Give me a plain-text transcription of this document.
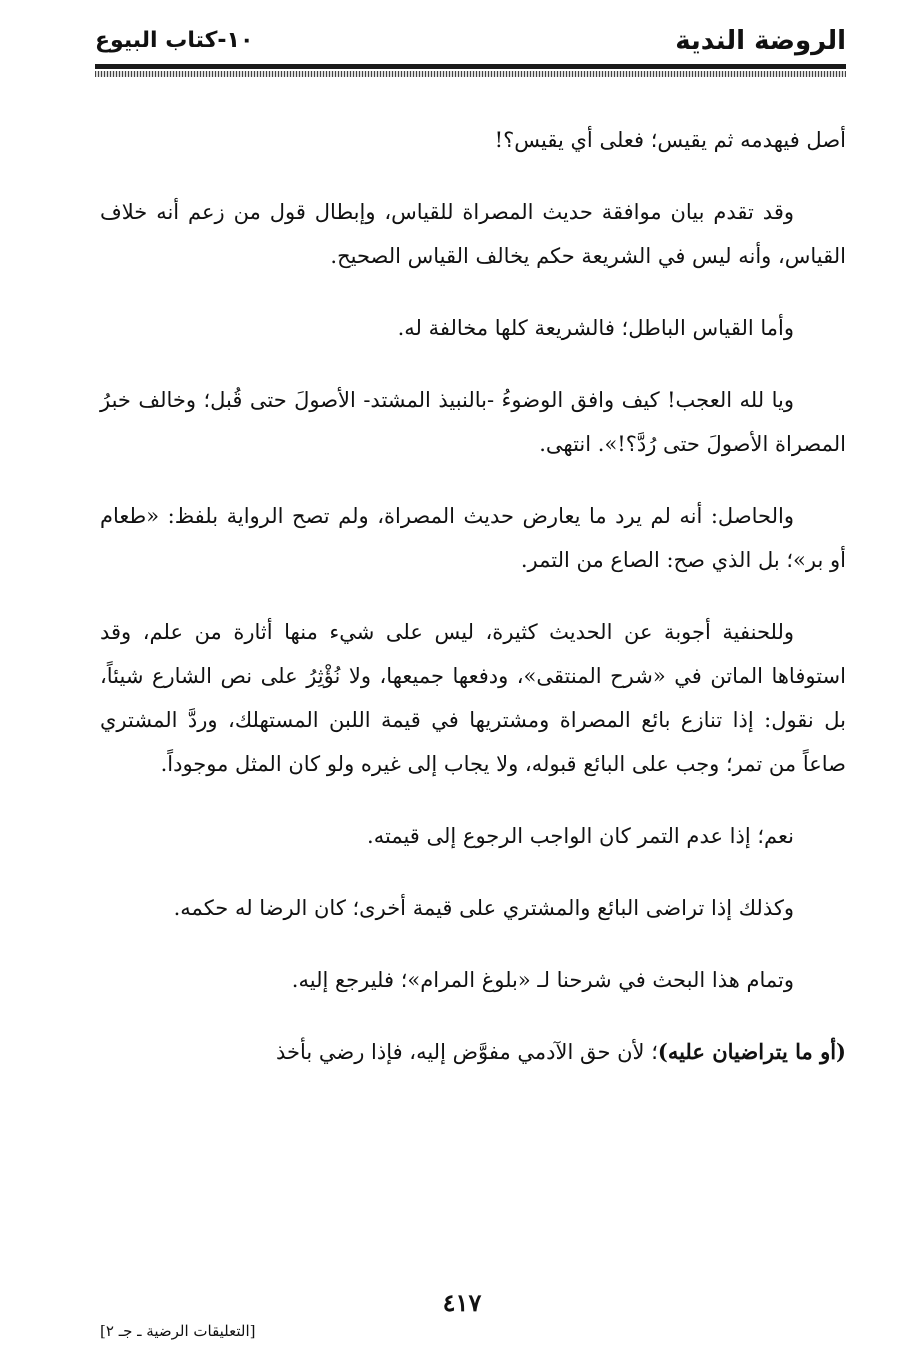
الروضة الندية
١٠-كتاب البيوع

أصل فيهدمه ثم يقيس؛ فعلى أي يقيس؟!

وقد تقدم بيان موافقة حديث المصراة للقياس، وإبطال قول من زعم أنه خلاف القياس، وأنه ليس في الشريعة حكم يخالف القياس الصحيح.

وأما القياس الباطل؛ فالشريعة كلها مخالفة له.

ويا لله العجب! كيف وافق الوضوءُ -بالنبيذ المشتد- الأصولَ حتى قُبل؛ وخالف خبرُ المصراة الأصولَ حتى رُدَّ؟!». انتهى.

والحاصل: أنه لم يرد ما يعارض حديث المصراة، ولم تصح الرواية بلفظ: «طعام أو بر»؛ بل الذي صح: الصاع من التمر.

وللحنفية أجوبة عن الحديث كثيرة، ليس على شيء منها أثارة من علم، وقد استوفاها الماتن في «شرح المنتقى»، ودفعها جميعها، ولا نُؤْثِرُ على نص الشارع شيئاً، بل نقول: إذا تنازع بائع المصراة ومشتريها في قيمة اللبن المستهلك، وردَّ المشتري صاعاً من تمر؛ وجب على البائع قبوله، ولا يجاب إلى غيره ولو كان المثل موجوداً.

نعم؛ إذا عدم التمر كان الواجب الرجوع إلى قيمته.

وكذلك إذا تراضى البائع والمشتري على قيمة أخرى؛ كان الرضا له حكمه.

وتمام هذا البحث في شرحنا لـ «بلوغ المرام»؛ فليرجع إليه.

(أو ما يتراضيان عليه)؛ لأن حق الآدمي مفوَّض إليه، فإذا رضي بأخذ

٤١٧
[التعليقات الرضية ـ جـ ٢]
